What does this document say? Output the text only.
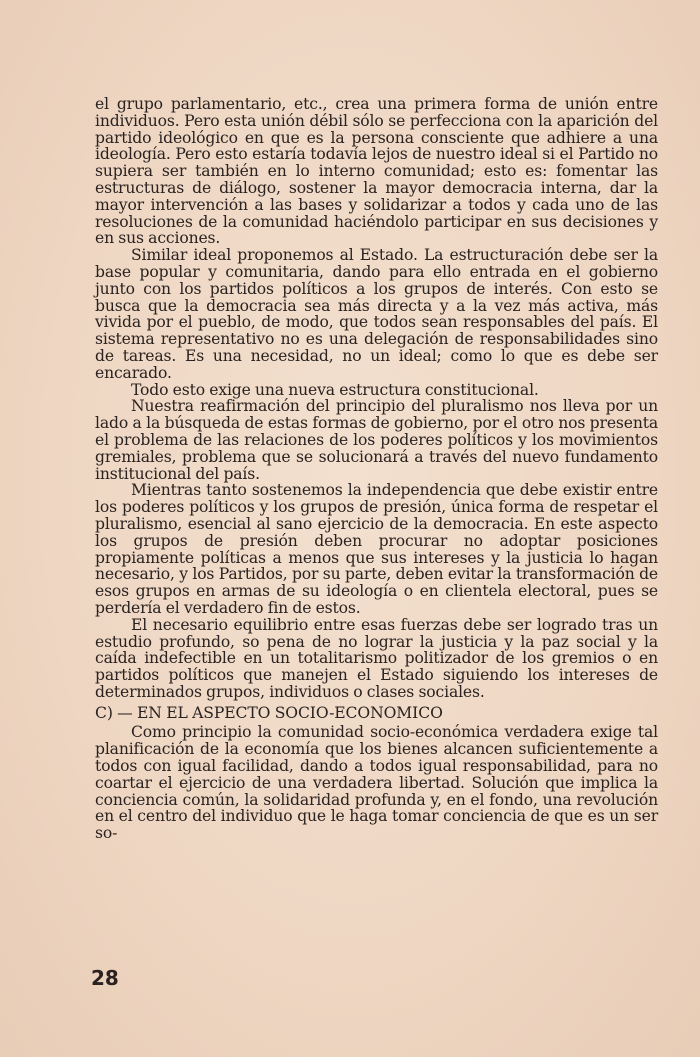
el grupo parlamentario, etc., crea una primera forma de unión entre individuos. Pero esta unión débil sólo se perfecciona con la aparición del partido ideológico en que es la persona consciente que adhiere a una ideología. Pero esto estaría todavía lejos de nuestro ideal si el Partido no supiera ser también en lo interno comunidad; esto es: fomentar las estructuras de diálogo, sostener la mayor democracia interna, dar la mayor intervención a las bases y solidarizar a todos y cada uno de las resoluciones de la comunidad haciéndolo participar en sus decisiones y en sus acciones.

Similar ideal proponemos al Estado. La estructuración debe ser la base popular y comunitaria, dando para ello entrada en el gobierno junto con los partidos políticos a los grupos de interés. Con esto se busca que la democracia sea más directa y a la vez más activa, más vivida por el pueblo, de modo, que todos sean responsables del país. El sistema representativo no es una delegación de responsabilidades sino de tareas. Es una necesidad, no un ideal; como lo que es debe ser encarado.

Todo esto exige una nueva estructura constitucional.

Nuestra reafirmación del principio del pluralismo nos lleva por un lado a la búsqueda de estas formas de gobierno, por el otro nos presenta el problema de las relaciones de los poderes políticos y los movimientos gremiales, problema que se solucionará a través del nuevo fundamento institucional del país.

Mientras tanto sostenemos la independencia que debe existir entre los poderes políticos y los grupos de presión, única forma de respetar el pluralismo, esencial al sano ejercicio de la democracia. En este aspecto los grupos de presión deben procurar no adoptar posiciones propiamente políticas a menos que sus intereses y la justicia lo hagan necesario, y los Partidos, por su parte, deben evitar la transformación de esos grupos en armas de su ideología o en clientela electoral, pues se perdería el verdadero fin de estos.

El necesario equilibrio entre esas fuerzas debe ser logrado tras un estudio profundo, so pena de no lograr la justicia y la paz social y la caída indefectible en un totalitarismo politizador de los gremios o en partidos políticos que manejen el Estado siguiendo los intereses de determinados grupos, individuos o clases sociales.

C) — EN EL ASPECTO SOCIO-ECONOMICO

Como principio la comunidad socio-económica verdadera exige tal planificación de la economía que los bienes alcancen suficientemente a todos con igual facilidad, dando a todos igual responsabilidad, para no coartar el ejercicio de una verdadera libertad. Solución que implica la conciencia común, la solidaridad profunda y, en el fondo, una revolución en el centro del individuo que le haga tomar conciencia de que es un ser so-

28
